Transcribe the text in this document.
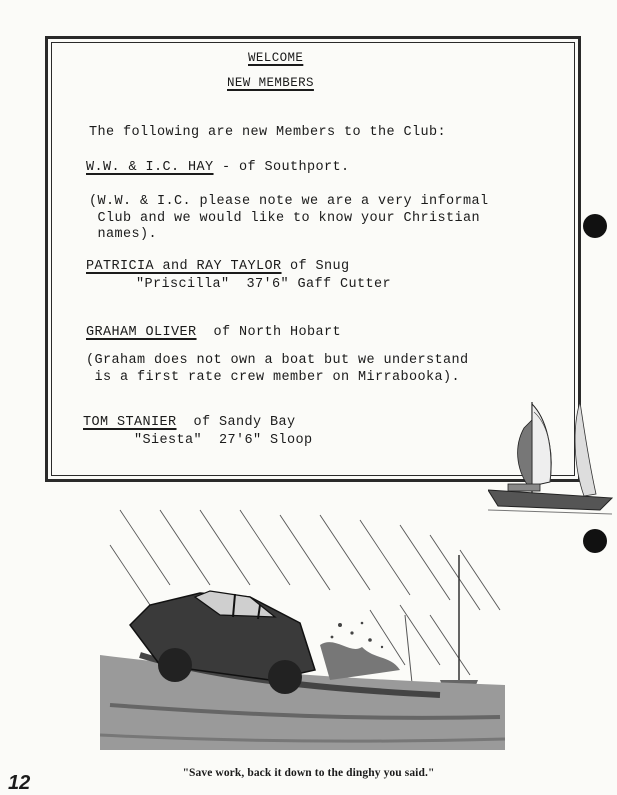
WELCOME
NEW MEMBERS
The following are new Members to the Club:
W.W. & I.C. HAY - of Southport.
(W.W. & I.C. please note we are a very informal
Club and we would like to know your Christian
names).
PATRICIA and RAY TAYLOR of Snug
"Priscilla"  37'6" Gaff Cutter
GRAHAM OLIVER  of North Hobart
(Graham does not own a boat but we understand
is a first rate crew member on Mirrabooka).
TOM STANIER  of Sandy Bay
"Siesta"  27'6" Sloop
"Save work, back it down to the dinghy you said."
12
